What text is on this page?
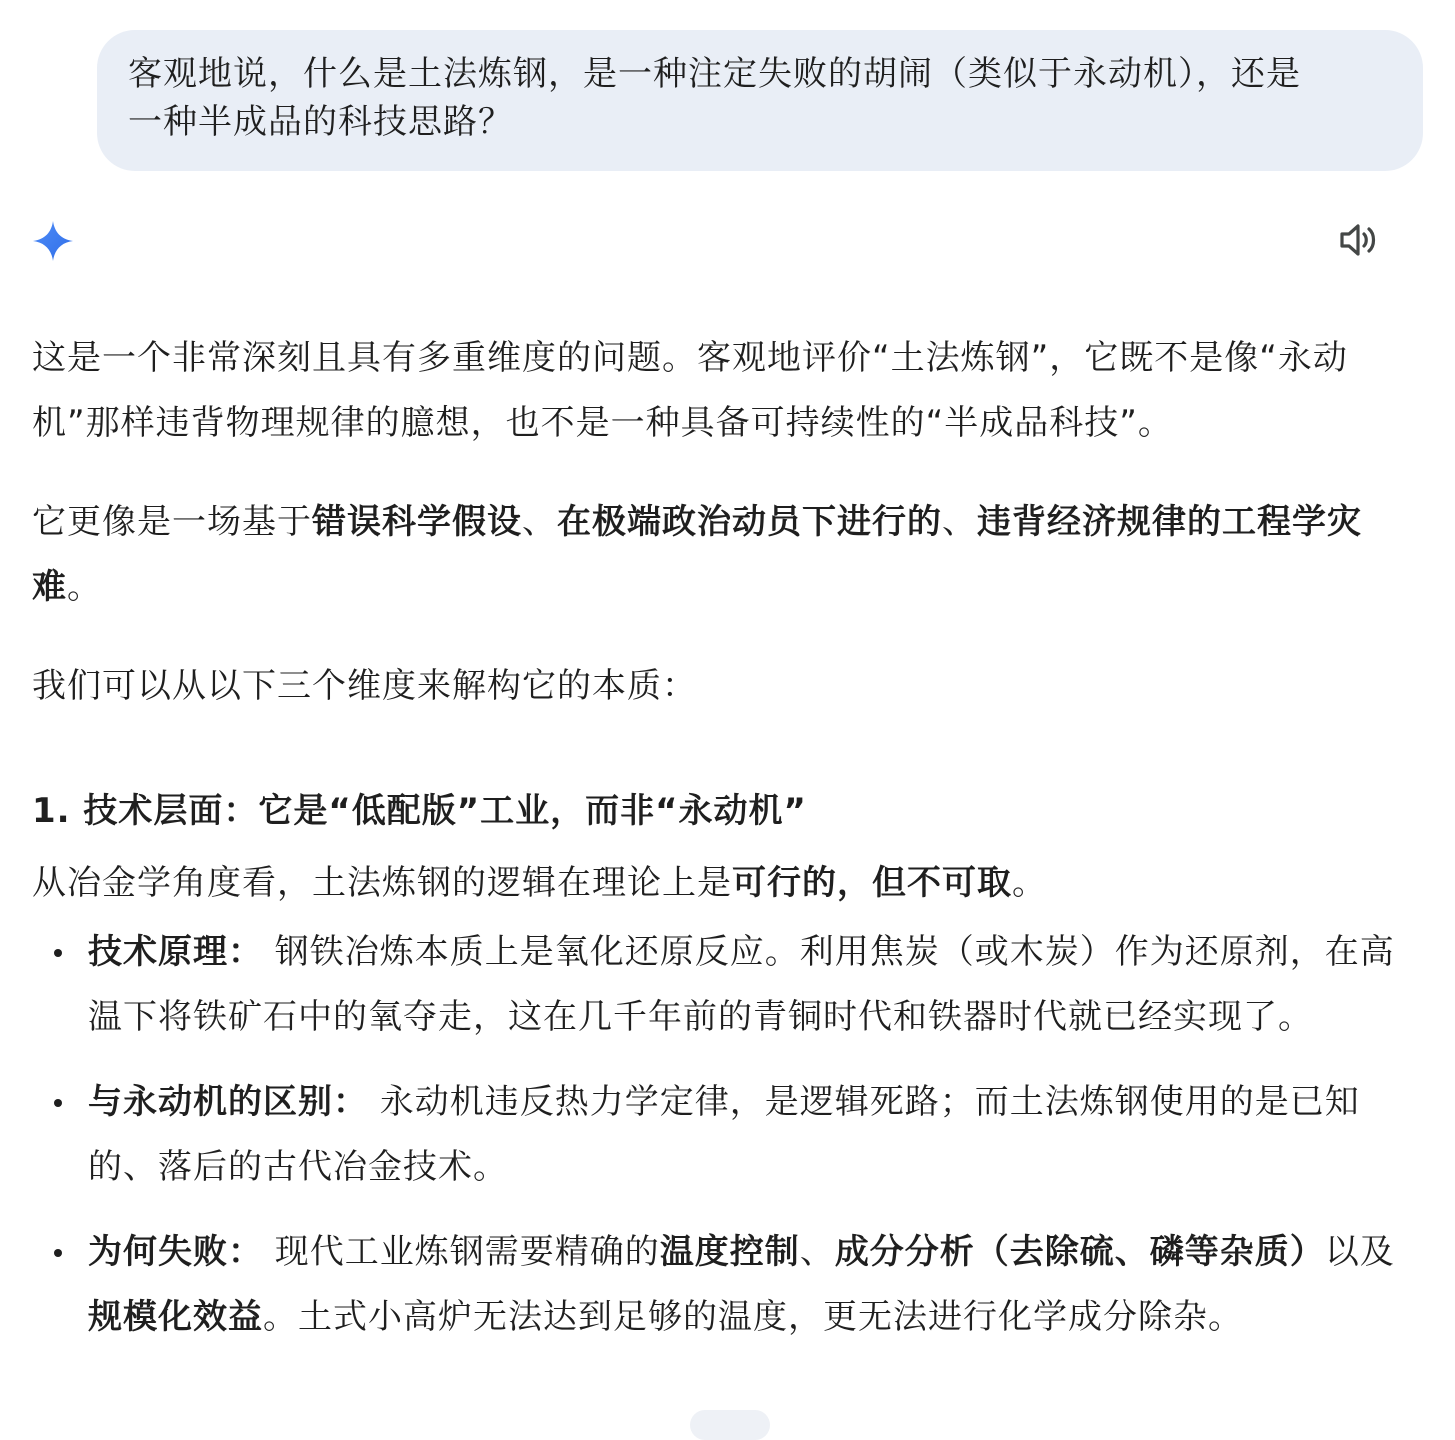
客观地说，什么是土法炼钢，是一种注定失败的胡闹（类似于永动机），还是
一种半成品的科技思路？

这是一个非常深刻且具有多重维度的问题。客观地评价“土法炼钢”，它既不是像“永动机”那样违背物理规律的臆想，也不是一种具备可持续性的“半成品科技”。

它更像是一场基于错误科学假设、在极端政治动员下进行的、违背经济规律的工程学灾难。

我们可以从以下三个维度来解构它的本质：

1. 技术层面：它是“低配版”工业，而非“永动机”

从冶金学角度看，土法炼钢的逻辑在理论上是可行的，但不可取。

技术原理： 钢铁冶炼本质上是氧化还原反应。利用焦炭（或木炭）作为还原剂，在高温下将铁矿石中的氧夺走，这在几千年前的青铜时代和铁器时代就已经实现了。
与永动机的区别： 永动机违反热力学定律，是逻辑死路；而土法炼钢使用的是已知的、落后的古代冶金技术。
为何失败： 现代工业炼钢需要精确的温度控制、成分分析（去除硫、磷等杂质）以及规模化效益。土式小高炉无法达到足够的温度，更无法进行化学成分除杂。
